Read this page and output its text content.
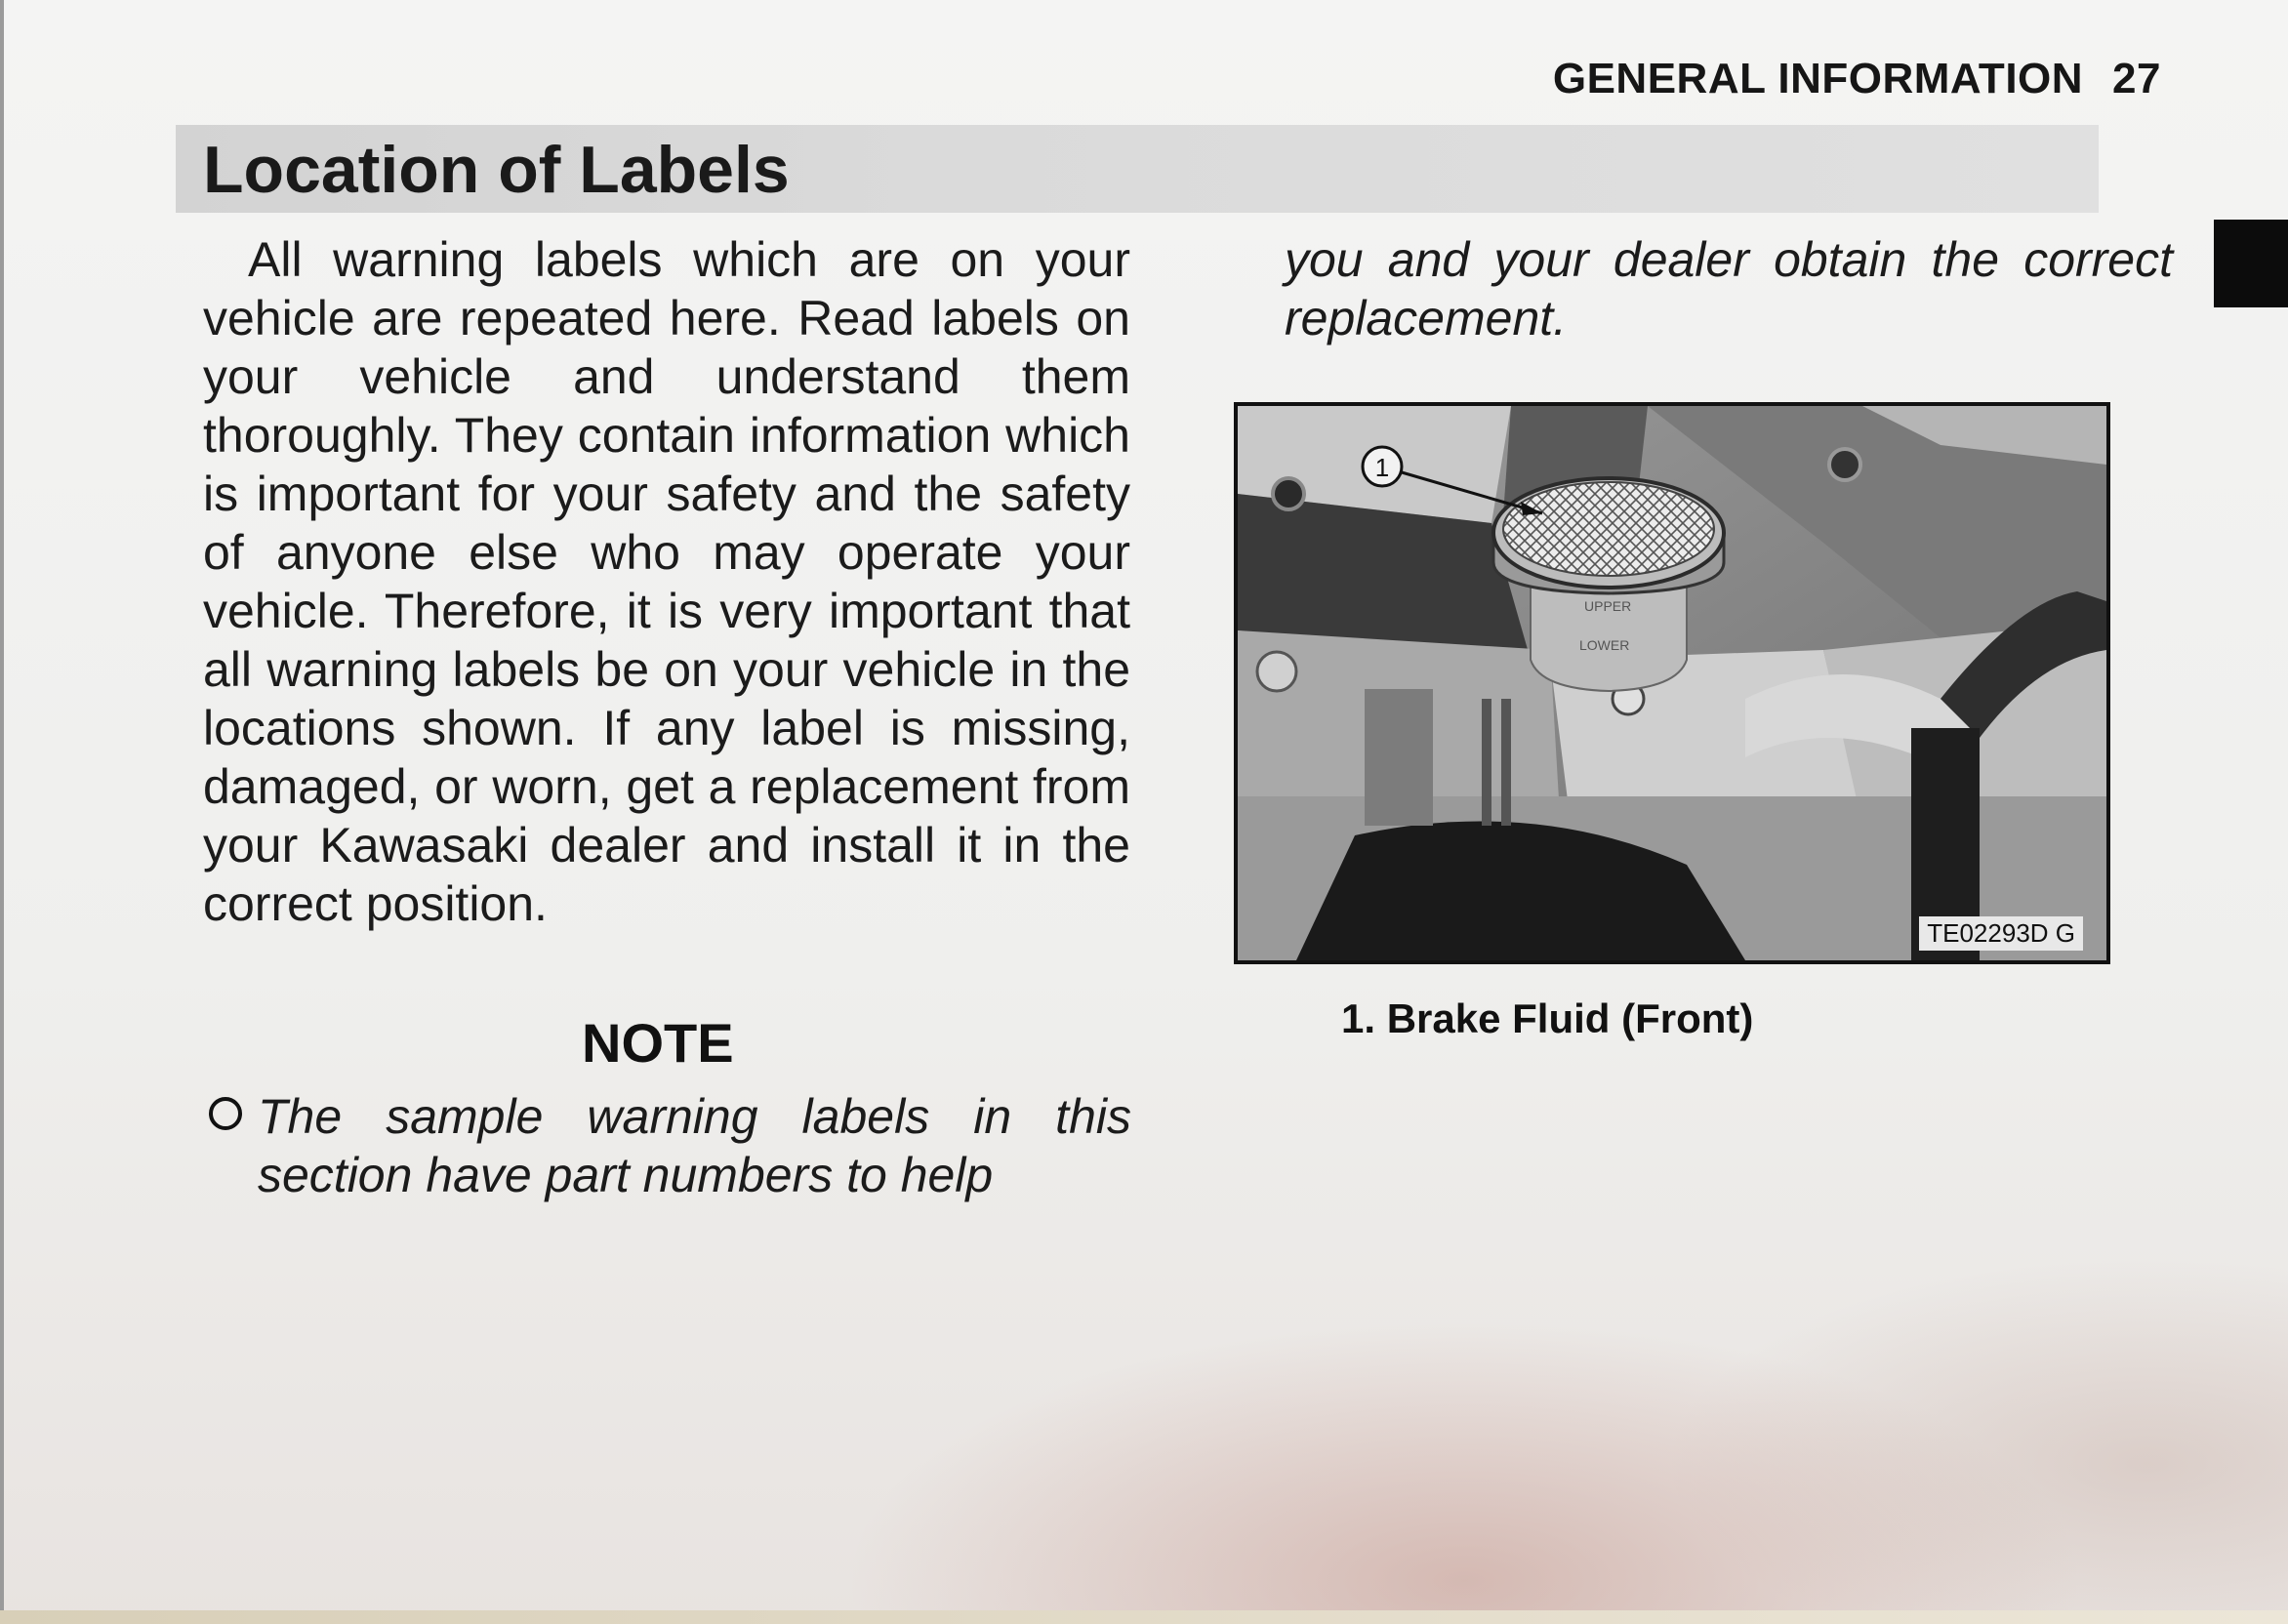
GENERAL INFORMATION 27
Location of Labels

All warning labels which are on your vehicle are repeated here. Read labels on your vehicle and understand them thoroughly. They contain information which is important for your safety and the safety of anyone else who may operate your vehicle. Therefore, it is very important that all warning labels be on your vehicle in the locations shown. If any label is missing, damaged, or worn, get a replacement from your Kawasaki dealer and install it in the correct position.

NOTE
The sample warning labels in this section have part numbers to help
you and your dealer obtain the correct replacement.
UPPER
LOWER
1
TE02293D G
1. Brake Fluid (Front)
